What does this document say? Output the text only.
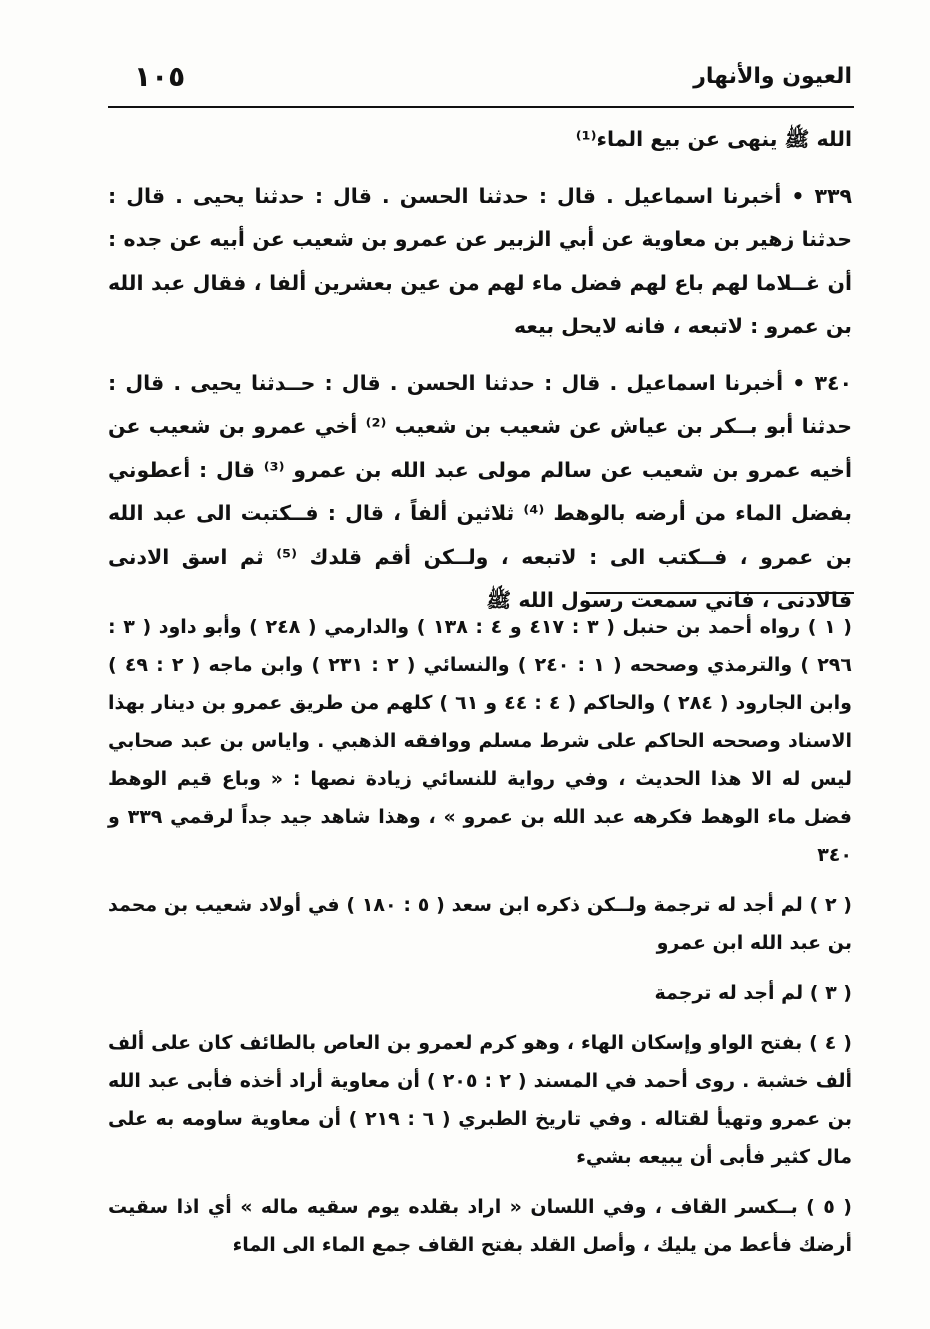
العيون والأنهار
١٠٥

الله ﷺ ينهى عن بيع الماء⁽¹⁾

٣٣٩ • أخبرنا اسماعيل . قال : حدثنا الحسن . قال : حدثنا يحيى . قال : حدثنا زهير بن معاوية عن أبي الزبير عن عمرو بن شعيب عن أبيه عن جده : أن غــلاما لهم باع لهم فضل ماء لهم من عين بعشرين ألفا ، فقال عبد الله بن عمرو : لاتبعه ، فانه لايحل بيعه

٣٤٠ • أخبرنا اسماعيل . قال : حدثنا الحسن . قال : حــدثنا يحيى . قال : حدثنا أبو بــكر بن عياش عن شعيب بن شعيب ⁽²⁾ أخي عمرو بن شعيب عن أخيه عمرو بن شعيب عن سالم مولى عبد الله بن عمرو ⁽³⁾ قال : أعطوني بفضل الماء من أرضه بالوهط ⁽⁴⁾ ثلاثين ألفاً ، قال : فــكتبت الى عبد الله بن عمرو ، فــكتب الى : لاتبعه ، ولــكن أقم قلدك ⁽⁵⁾ ثم اسق الادنى فالادنى ، فاني سمعت رسول الله ﷺ

( ١ ) رواه أحمد بن حنبل ( ٣ : ٤١٧ و ٤ : ١٣٨ ) والدارمي ( ٢٤٨ ) وأبو داود ( ٣ : ٢٩٦ ) والترمذي وصححه ( ١ : ٢٤٠ ) والنسائي ( ٢ : ٢٣١ ) وابن ماجه ( ٢ : ٤٩ ) وابن الجارود ( ٢٨٤ ) والحاكم ( ٤ : ٤٤ و ٦١ ) كلهم من طريق عمرو بن دينار بهذا الاسناد وصححه الحاكم على شرط مسلم ووافقه الذهبي . واياس بن عبد صحابي ليس له الا هذا الحديث ، وفي رواية للنسائي زيادة نصها : « وباع قيم الوهط فضل ماء الوهط فكرهه عبد الله بن عمرو » ، وهذا شاهد جيد جداً لرقمي ٣٣٩ و ٣٤٠

( ٢ ) لم أجد له ترجمة ولــكن ذكره ابن سعد ( ٥ : ١٨٠ ) في أولاد شعيب بن محمد بن عبد الله ابن عمرو

( ٣ ) لم أجد له ترجمة

( ٤ ) بفتح الواو وإسكان الهاء ، وهو كرم لعمرو بن العاص بالطائف كان على ألف ألف خشبة . روى أحمد في المسند ( ٢ : ٢٠٥ ) أن معاوية أراد أخذه فأبى عبد الله بن عمرو وتهيأ لقتاله . وفي تاريخ الطبري ( ٦ : ٢١٩ ) أن معاوية ساومه به على مال كثير فأبى أن يبيعه بشيء

( ٥ ) بــكسر القاف ، وفي اللسان « اراد بقلده يوم سقيه ماله » أي اذا سقيت أرضك فأعط من يليك ، وأصل القلد بفتح القاف جمع الماء الى الماء
